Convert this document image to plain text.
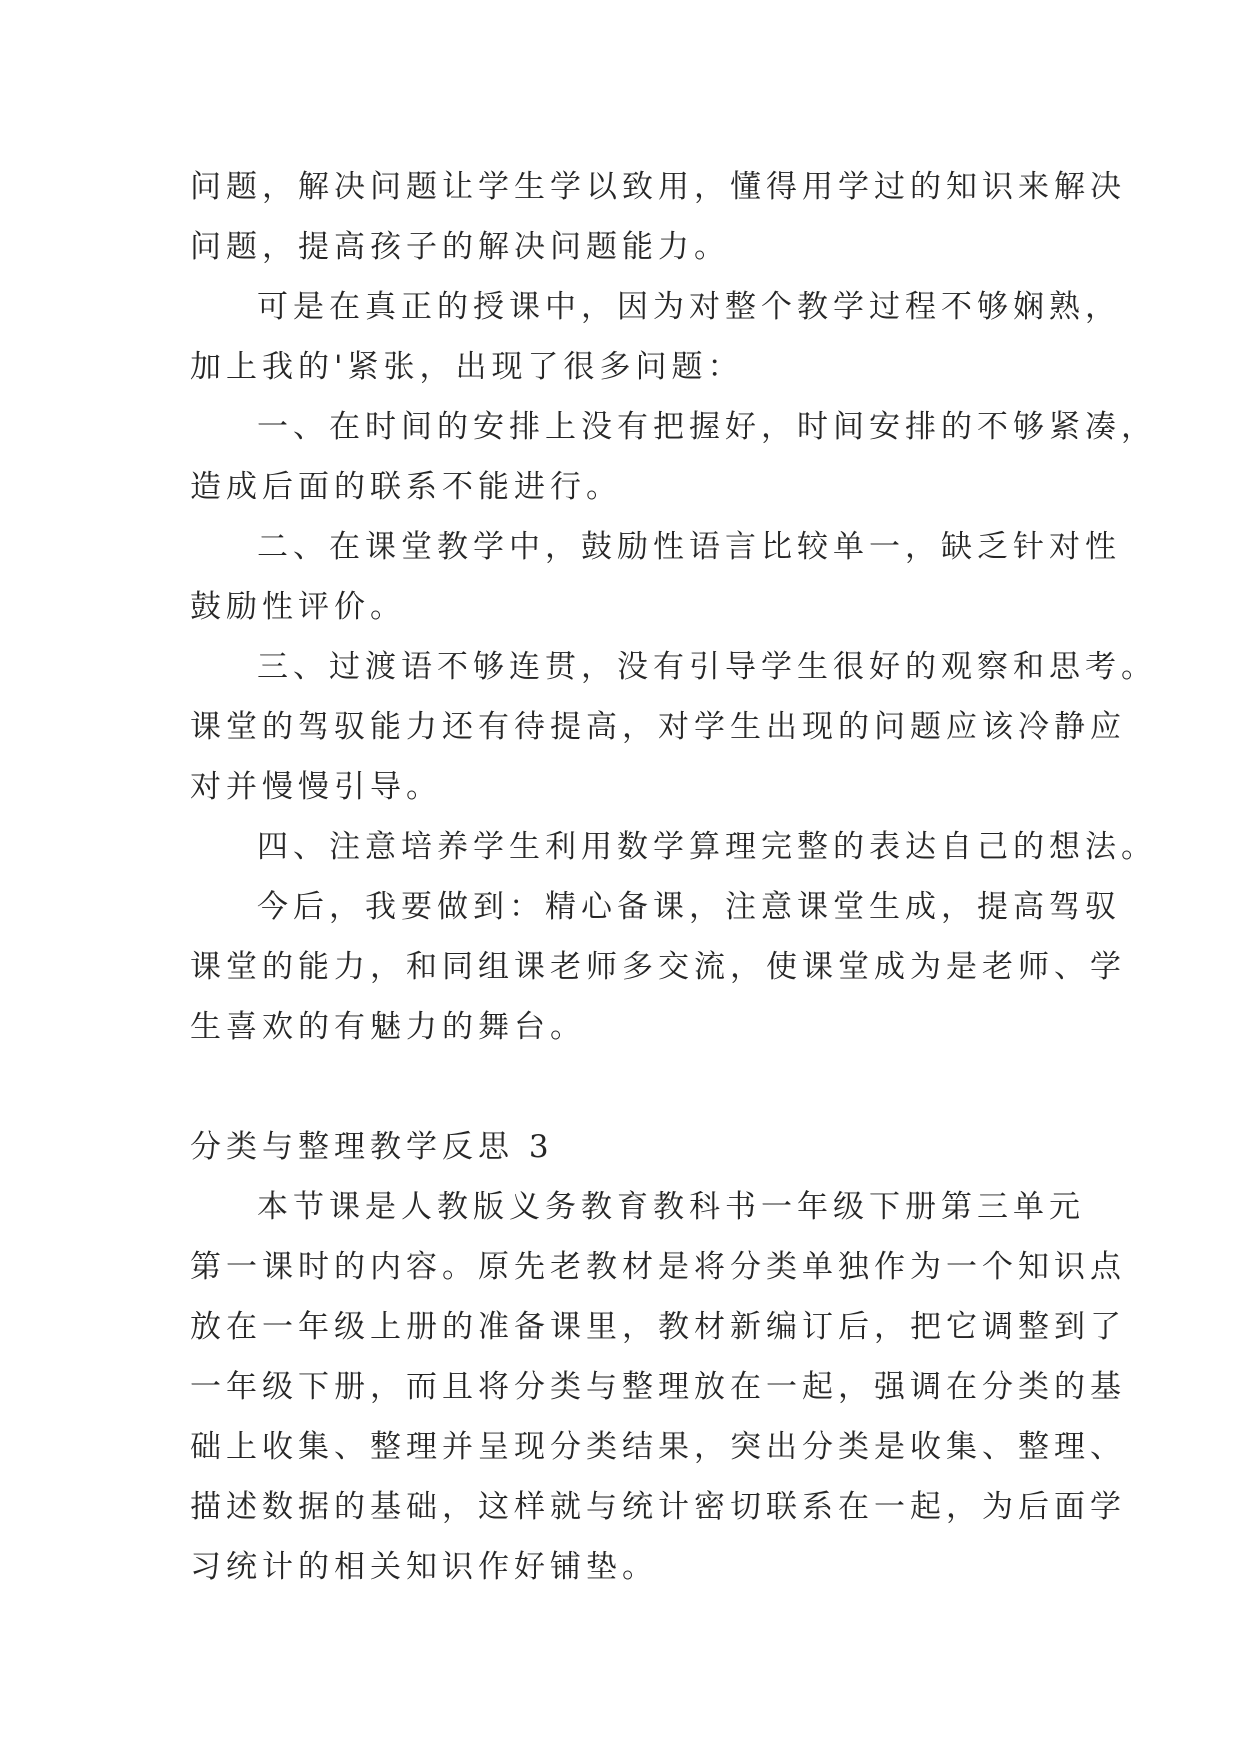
问题，解决问题让学生学以致用，懂得用学过的知识来解决
问题，提高孩子的解决问题能力。
可是在真正的授课中，因为对整个教学过程不够娴熟，
加上我的'紧张，出现了很多问题：
一、在时间的安排上没有把握好，时间安排的不够紧凑，
造成后面的联系不能进行。
二、在课堂教学中，鼓励性语言比较单一，缺乏针对性
鼓励性评价。
三、过渡语不够连贯，没有引导学生很好的观察和思考。
课堂的驾驭能力还有待提高，对学生出现的问题应该冷静应
对并慢慢引导。
四、注意培养学生利用数学算理完整的表达自己的想法。
今后，我要做到：精心备课，注意课堂生成，提高驾驭
课堂的能力，和同组课老师多交流，使课堂成为是老师、学
生喜欢的有魅力的舞台。
分类与整理教学反思 3
本节课是人教版义务教育教科书一年级下册第三单元
第一课时的内容。原先老教材是将分类单独作为一个知识点
放在一年级上册的准备课里，教材新编订后，把它调整到了
一年级下册，而且将分类与整理放在一起，强调在分类的基
础上收集、整理并呈现分类结果，突出分类是收集、整理、
描述数据的基础，这样就与统计密切联系在一起，为后面学
习统计的相关知识作好铺垫。
